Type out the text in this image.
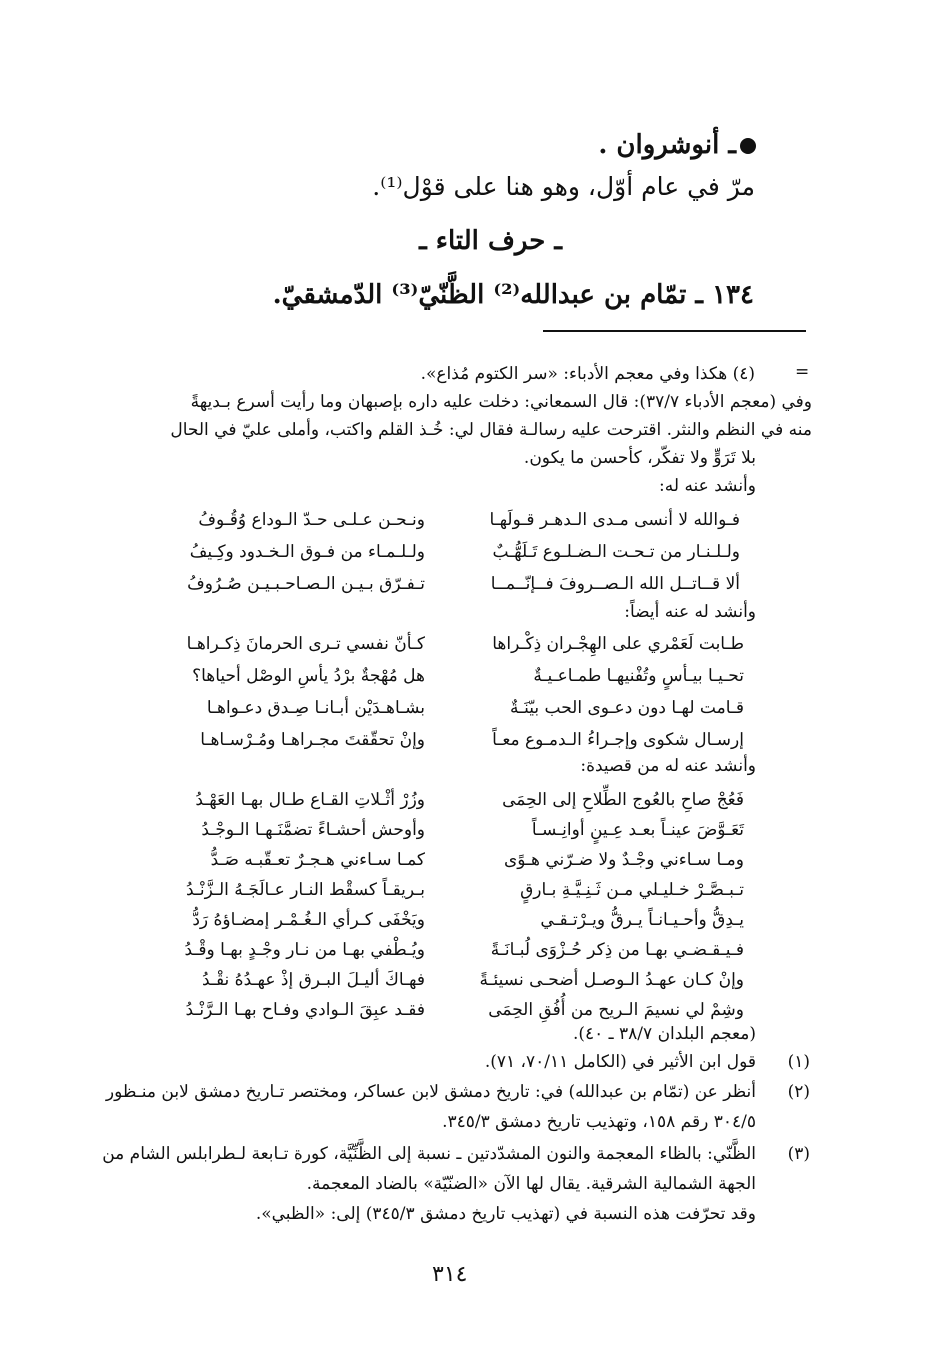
ـ أنوشروان .
مرّ في عام أوّل، وهو هنا على قوْل⁽¹⁾.
ـ حرف التاء ـ
١٣٤ ـ تمّام بن عبدالله⁽²⁾ الظَّنّيّ⁽³⁾ الدّمشقيّ.
=
(٤) هكذا وفي معجم الأدباء: «سر الكتوم مُذاع».
وفي (معجم الأدباء ٣٧/٧): قال السمعاني: دخلت عليه داره بإصبهان وما رأيت أسرع بـديهةً
منه في النظم والنثر. اقترحت عليه رسالـة فقال لي: خُـذ القلم واكتب، وأملى عليّ في الحال
بلا تَرَوٍّ ولا تفكّر، كأحسن ما يكون.
وأنشد عنه له:
فـوالله لا أنسى مـدى الـدهـر قـولَهـا
ونـحـن عـلـى حـدّ الـوداع وُقُـوفُ
ولـلـنـار من تـحـت الـضـلـوع تَـلَهُّـبٌ
ولـلـمـاء من فـوق الـخـدود وكِـيفُ
ألا قــاتــل الله الـصــروفَ فــإنّــمــا
تـفـرّق بـيـن الـصـاحـبـيـن صُـرُوفُ
وأنشد له عنه أيضاً:
طـابت لَعَمْري على الهِجْـران ذِكْـراها
كـأنّ نفسي تـرى الحرمانَ ذِكـراهـا
تحـيـا بيـأسٍ وتُفْنيهـا طمـاعـيـةٌ
هل مُهْجةٌ برْدُ يأسِ الوصْل أحياها؟
قـامت لهـا دون دعـوى الحب بيّنَـةٌ
بشـاهـدَيْن أبـانـا صِـدق دعـواهـا
إرسـال شكوى وإجـراءُ الـدمـوع معـاً
وإنْ تحقّقتَ مجـراهـا ومُـرْسـاهـا
وأنشد عنه له من قصيدة:
فَعُجْ صاحِ بالعُوج الطِّلاحِ إلى الحِمَى
وزُرْ أثْـلاتِ القـاع طـال بهـا العَهْـدُ
تَعَـوَّضَ عينـاً بعـد عِـينٍ أوانِـسـاً
وأوحش أحشـاءً تضمَّنَـهـا الـوجْـدُ
ومـا سـاءني وجْـدٌ ولا ضـرّني هـوًى
كمـا سـاءني هـجـرٌ تعـقّبـه صَـدُّ
تـبـصَّـرْ خـليـلي مـن ثَـنِـيَّـةِ بـارقٍ
بـريقـاً كسقْط النـار عـالَجَـهُ الـزَّنْـدُ
يـدِقُّ وأحـيـانـاً يـرقُّ ويـرْتـقـي
ويَخْفَى كـرأي الـغُـمْـر إمضـاؤهُ رَدُّ
فـيـقـضـي بهـا من ذِكر حُـزْوَى لُبـانَـةً
ويُـطْفي بهـا من نـار وجْـدٍ بهـا وقْـدُ
وإنْ كـان عهـدُ الـوصـل أضحـى نسيئـةً
فهـاكَ أليـلَ البـرق إذْ عهـدُهُ نقْـدُ
وشِمْ لي نسيمَ الـريح من أُفُقِ الحِمَى
فقـد عبِقَ الـوادي وفـاح بهـا الـرَّنْـدُ
(معجم البلدان ٣٨/٧ ـ ٤٠).
(١)
قول ابن الأثير في (الكامل ٧٠/١١، ٧١).
(٢)
أنظر عن (تمّام بن عبدالله) في: تاريخ دمشق لابن عساكر، ومختصر تـاريخ دمشق لابن منـظور
٣٠٤/٥ رقم ١٥٨، وتهذيب تاريخ دمشق ٣٤٥/٣.
(٣)
الظَّنّي: بالظاء المعجمة والنون المشدّدتين ـ نسبة إلى الظَّنِّيَّة، كورة تـابعة لـطرابلس الشام من
الجهة الشمالية الشرقية. يقال لها الآن «الضنّيّة» بالضاد المعجمة.
وقد تحرّفت هذه النسبة في (تهذيب تاريخ دمشق ٣٤٥/٣) إلى: «الظبي».
٣١٤
